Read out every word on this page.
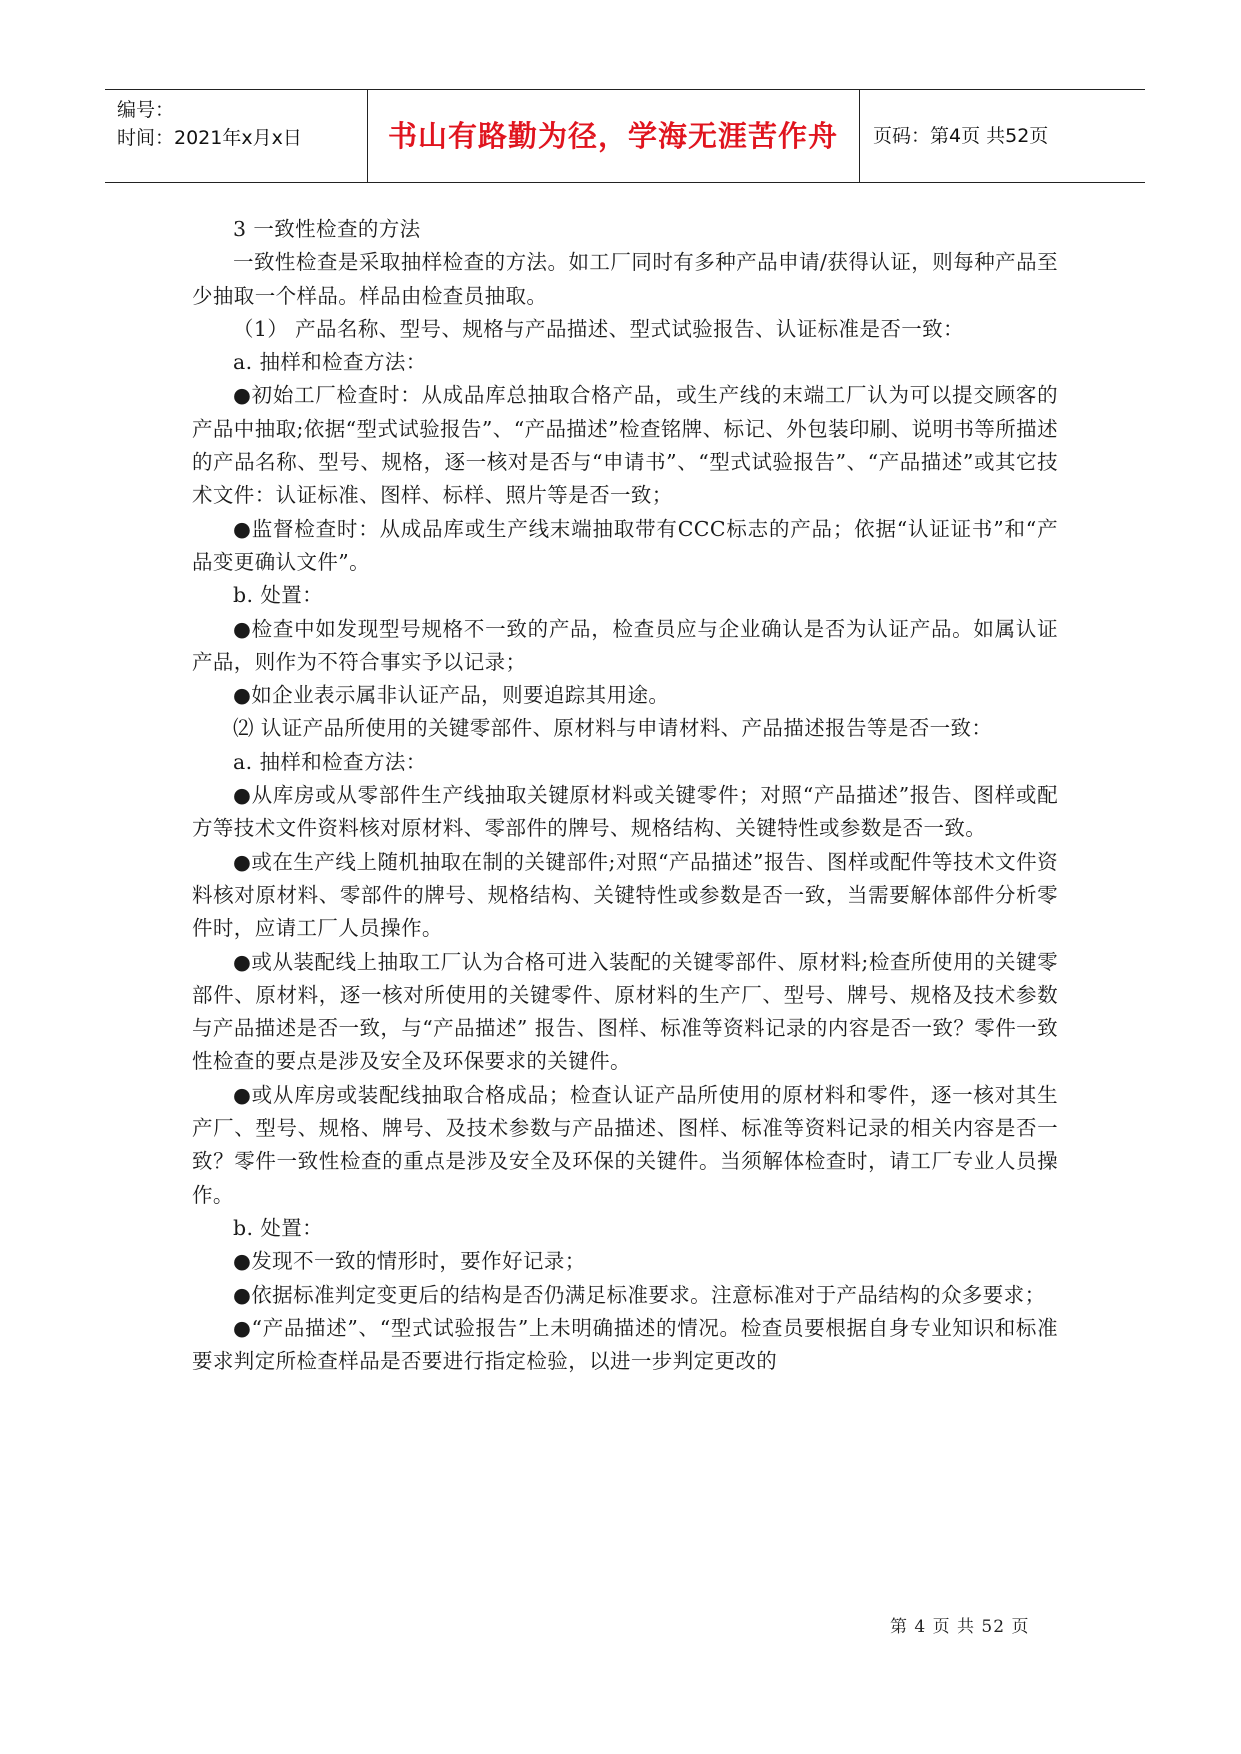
编号：
时间：2021年x月x日	书山有路勤为径，学海无涯苦作舟	页码：第4页 共52页

3 一致性检查的方法

一致性检查是采取抽样检查的方法。如工厂同时有多种产品申请/获得认证，则每种产品至少抽取一个样品。样品由检查员抽取。

（1） 产品名称、型号、规格与产品描述、型式试验报告、认证标准是否一致：

a. 抽样和检查方法：

●初始工厂检查时：从成品库总抽取合格产品，或生产线的末端工厂认为可以提交顾客的产品中抽取;依据“型式试验报告”、“产品描述”检查铭牌、标记、外包装印刷、说明书等所描述的产品名称、型号、规格，逐一核对是否与“申请书”、“型式试验报告”、“产品描述”或其它技术文件：认证标准、图样、标样、照片等是否一致；

●监督检查时：从成品库或生产线末端抽取带有CCC标志的产品；依据“认证证书”和“产品变更确认文件”。

b. 处置：

●检查中如发现型号规格不一致的产品，检查员应与企业确认是否为认证产品。如属认证产品，则作为不符合事实予以记录；

●如企业表示属非认证产品，则要追踪其用途。

⑵ 认证产品所使用的关键零部件、原材料与申请材料、产品描述报告等是否一致：

a. 抽样和检查方法：

●从库房或从零部件生产线抽取关键原材料或关键零件；对照“产品描述”报告、图样或配方等技术文件资料核对原材料、零部件的牌号、规格结构、关键特性或参数是否一致。

●或在生产线上随机抽取在制的关键部件;对照“产品描述”报告、图样或配件等技术文件资料核对原材料、零部件的牌号、规格结构、关键特性或参数是否一致，当需要解体部件分析零件时，应请工厂人员操作。

●或从装配线上抽取工厂认为合格可进入装配的关键零部件、原材料;检查所使用的关键零部件、原材料，逐一核对所使用的关键零件、原材料的生产厂、型号、牌号、规格及技术参数与产品描述是否一致，与“产品描述” 报告、图样、标准等资料记录的内容是否一致？零件一致性检查的要点是涉及安全及环保要求的关键件。

●或从库房或装配线抽取合格成品；检查认证产品所使用的原材料和零件，逐一核对其生产厂、型号、规格、牌号、及技术参数与产品描述、图样、标准等资料记录的相关内容是否一致？零件一致性检查的重点是涉及安全及环保的关键件。当须解体检查时，请工厂专业人员操作。

b. 处置：

●发现不一致的情形时，要作好记录；

●依据标准判定变更后的结构是否仍满足标准要求。注意标准对于产品结构的众多要求；

●“产品描述”、“型式试验报告”上未明确描述的情况。检查员要根据自身专业知识和标准要求判定所检查样品是否要进行指定检验，以进一步判定更改的

第 4 页 共 52 页
